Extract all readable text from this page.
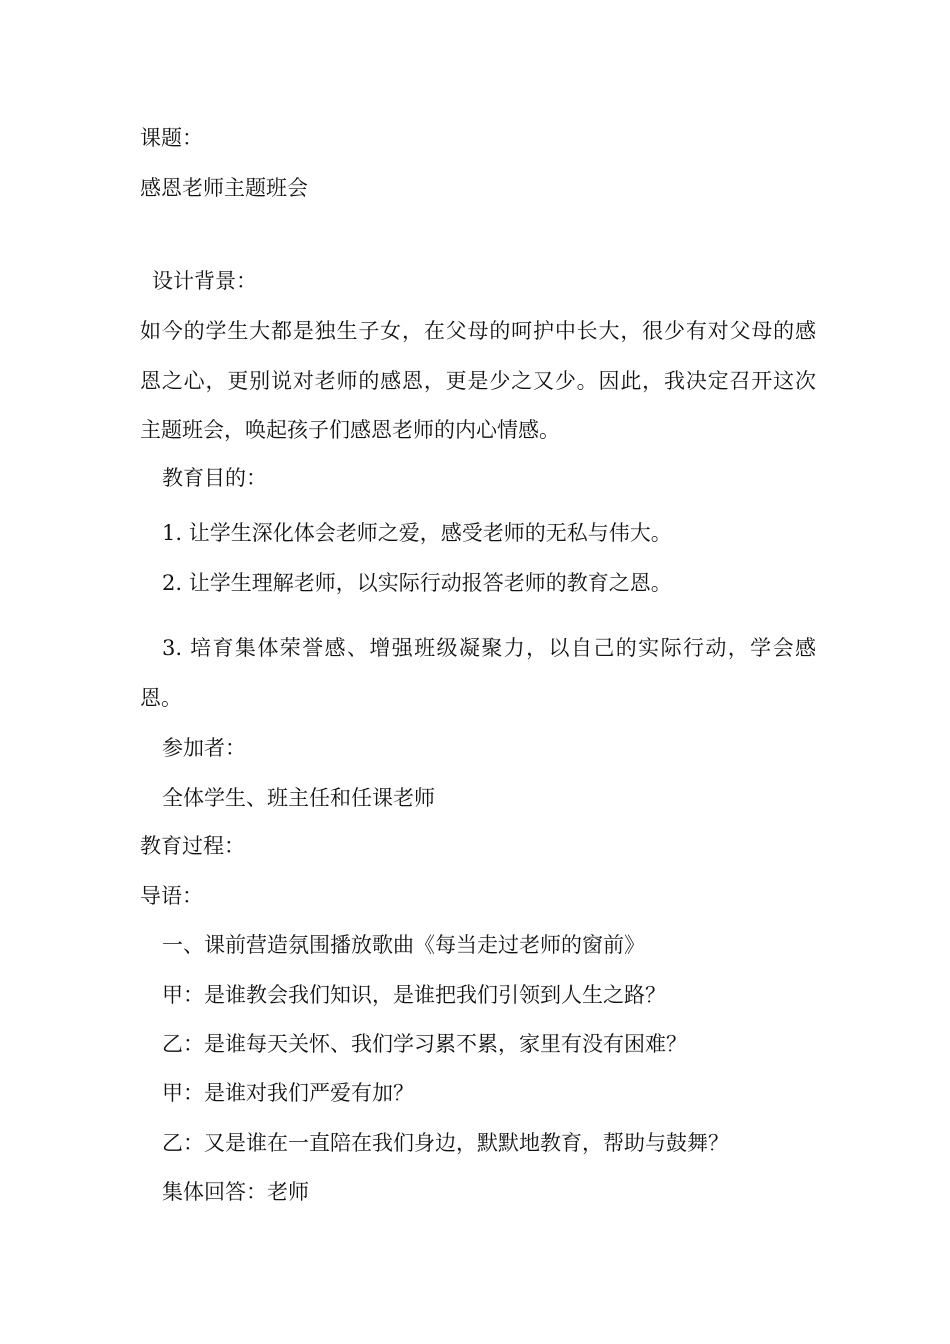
课题：
感恩老师主题班会
设计背景：
如今的学生大都是独生子女，在父母的呵护中长大，很少有对父母的感
恩之心，更别说对老师的感恩，更是少之又少。因此，我决定召开这次
主题班会，唤起孩子们感恩老师的内心情感。
教育目的：
1. 让学生深化体会老师之爱，感受老师的无私与伟大。
2. 让学生理解老师，以实际行动报答老师的教育之恩。
3. 培育集体荣誉感、增强班级凝聚力，以自己的实际行动，学会感
恩。
参加者：
全体学生、班主任和任课老师
教育过程：
导语：
一、课前营造氛围播放歌曲《每当走过老师的窗前》
甲：是谁教会我们知识，是谁把我们引领到人生之路？
乙：是谁每天关怀、我们学习累不累，家里有没有困难？
甲：是谁对我们严爱有加？
乙：又是谁在一直陪在我们身边，默默地教育，帮助与鼓舞？
集体回答：老师
